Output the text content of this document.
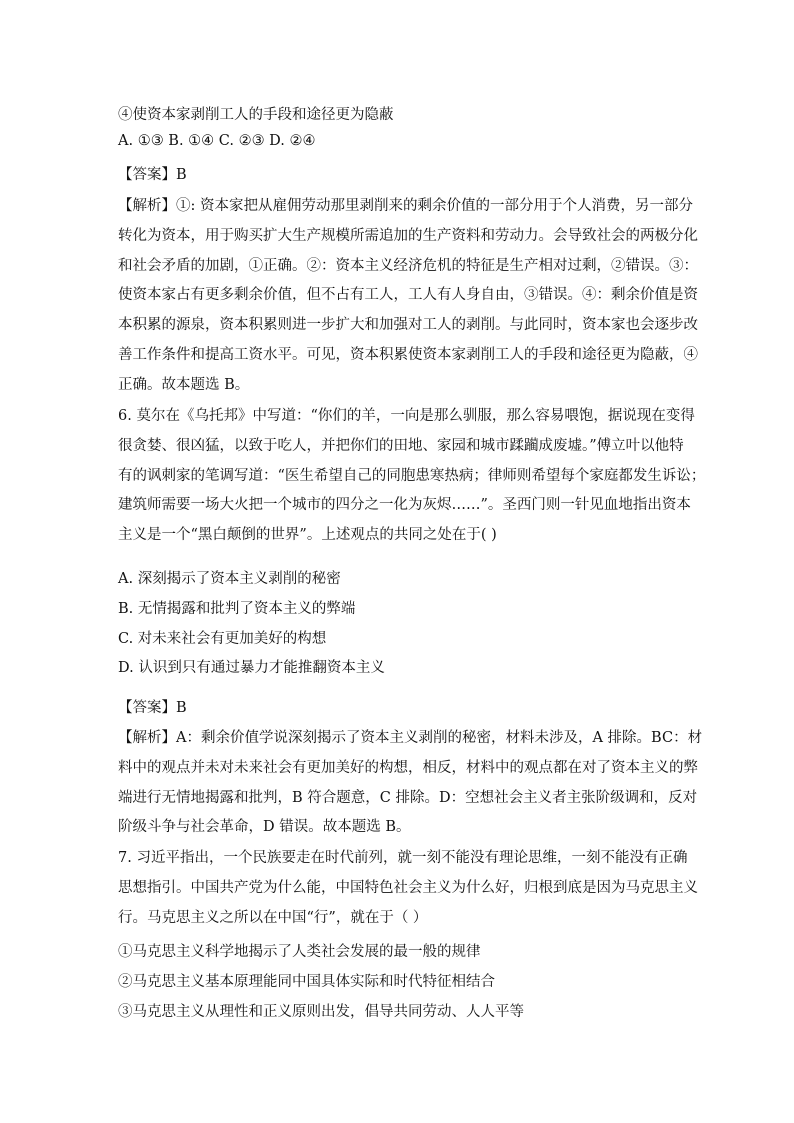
④使资本家剥削工人的手段和途径更为隐蔽
A. ①③ B. ①④ C. ②③ D. ②④
【答案】B

【解析】①: 资本家把从雇佣劳动那里剥削来的剩余价值的一部分用于个人消费，另一部分

转化为资本，用于购买扩大生产规模所需追加的生产资料和劳动力。会导致社会的两极分化

和社会矛盾的加剧，①正确。②：资本主义经济危机的特征是生产相对过剩，②错误。③：

使资本家占有更多剩余价值，但不占有工人，工人有人身自由，③错误。④：剩余价值是资

本积累的源泉，资本积累则进一步扩大和加强对工人的剥削。与此同时，资本家也会逐步改

善工作条件和提高工资水平。可见，资本积累使资本家剥削工人的手段和途径更为隐蔽，④

正确。故本题选 B。

6. 莫尔在《乌托邦》中写道：“你们的羊，一向是那么驯服，那么容易喂饱，据说现在变得

很贪婪、很凶猛，以致于吃人，并把你们的田地、家园和城市蹂躏成废墟。”傅立叶以他特

有的讽刺家的笔调写道：“医生希望自己的同胞患寒热病；律师则希望每个家庭都发生诉讼；

建筑师需要一场大火把一个城市的四分之一化为灰烬……”。圣西门则一针见血地指出资本

主义是一个“黑白颠倒的世界”。上述观点的共同之处在于( )

A. 深刻揭示了资本主义剥削的秘密

B. 无情揭露和批判了资本主义的弊端

C. 对未来社会有更加美好的构想

D. 认识到只有通过暴力才能推翻资本主义

【答案】B

【解析】A：剩余价值学说深刻揭示了资本主义剥削的秘密，材料未涉及，A 排除。BC：材

料中的观点并未对未来社会有更加美好的构想，相反，材料中的观点都在对了资本主义的弊

端进行无情地揭露和批判，B 符合题意，C 排除。D：空想社会主义者主张阶级调和，反对

阶级斗争与社会革命，D 错误。故本题选 B。

7. 习近平指出，一个民族要走在时代前列，就一刻不能没有理论思维，一刻不能没有正确

思想指引。中国共产党为什么能，中国特色社会主义为什么好，归根到底是因为马克思主义

行。马克思主义之所以在中国“行”，就在于（ ）

①马克思主义科学地揭示了人类社会发展的最一般的规律

②马克思主义基本原理能同中国具体实际和时代特征相结合

③马克思主义从理性和正义原则出发，倡导共同劳动、人人平等
